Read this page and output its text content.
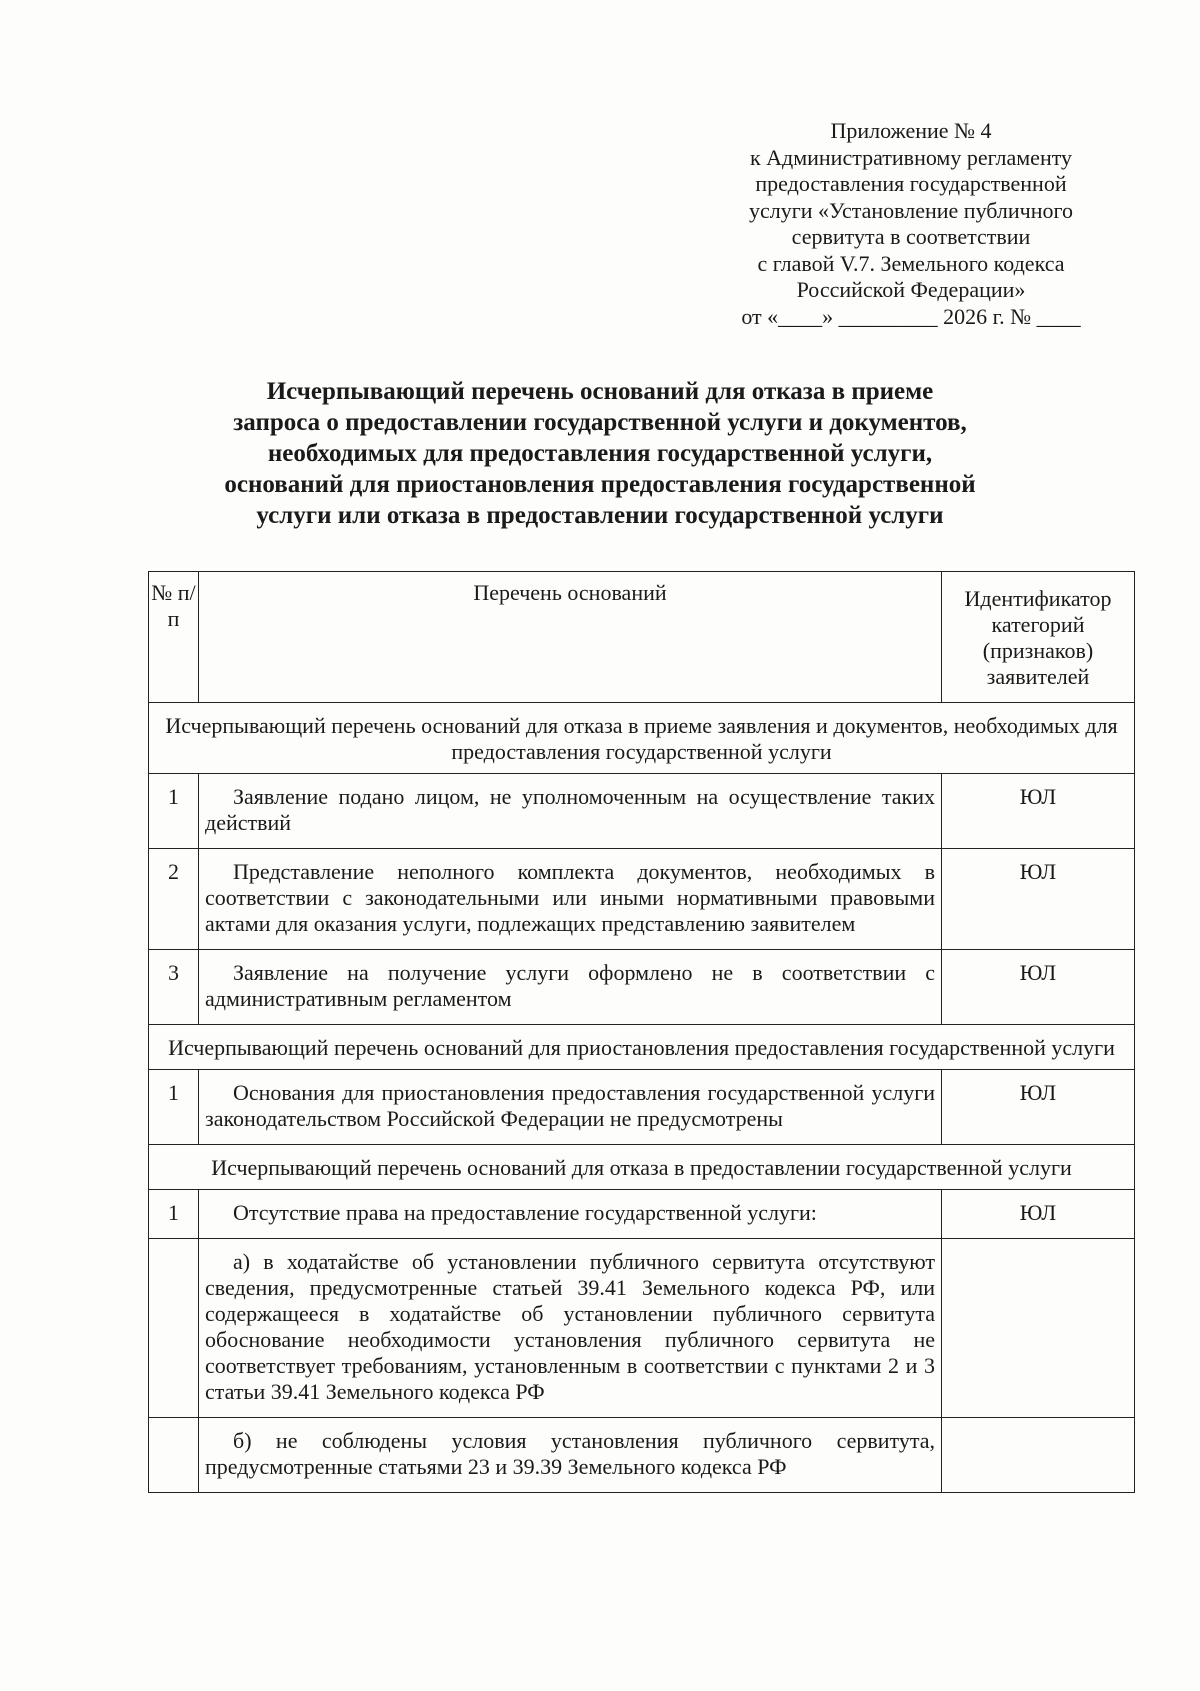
Приложение № 4
к Административному регламенту
предоставления государственной
услуги «Установление публичного
сервитута в соответствии
с главой V.7. Земельного кодекса
Российской Федерации»
от «____» _________ 2026 г. № ____
Исчерпывающий перечень оснований для отказа в приеме
запроса о предоставлении государственной услуги и документов,
необходимых для предоставления государственной услуги,
оснований для приостановления предоставления государственной
услуги или отказа в предоставлении государственной услуги
№ п/п	Перечень оснований	Идентификатор категорий (признаков) заявителей
Исчерпывающий перечень оснований для отказа в приеме заявления и документов, необходимых для предоставления государственной услуги		
1	Заявление подано лицом, не уполномоченным на осуществление таких действий	ЮЛ
2	Представление неполного комплекта документов, необходимых в соответствии с законодательными или иными нормативными правовыми актами для оказания услуги, подлежащих представлению заявителем	ЮЛ
3	Заявление на получение услуги оформлено не в соответствии с административным регламентом	ЮЛ
Исчерпывающий перечень оснований для приостановления предоставления государственной услуги		
1	Основания для приостановления предоставления государственной услуги законодательством Российской Федерации не предусмотрены	ЮЛ
Исчерпывающий перечень оснований для отказа в предоставлении государственной услуги		
1	Отсутствие права на предоставление государственной услуги:	ЮЛ
	а) в ходатайстве об установлении публичного сервитута отсутствуют сведения, предусмотренные статьей 39.41 Земельного кодекса РФ, или содержащееся в ходатайстве об установлении публичного сервитута обоснование необходимости установления публичного сервитута не соответствует требованиям, установленным в соответствии с пунктами 2 и 3 статьи 39.41 Земельного кодекса РФ	
	б) не соблюдены условия установления публичного сервитута, предусмотренные статьями 23 и 39.39 Земельного кодекса РФ	
